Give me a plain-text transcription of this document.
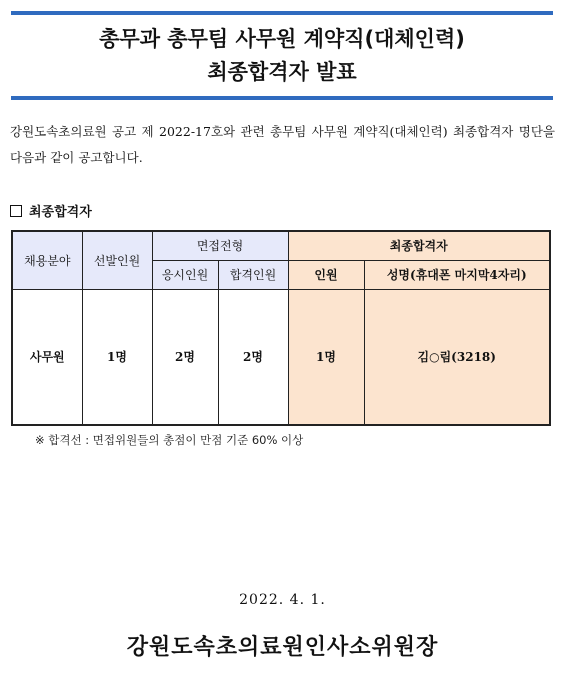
총무과 총무팀 사무원 계약직(대체인력)
최종합격자 발표
강원도속초의료원 공고 제 2022-17호와 관련 총무팀 사무원 계약직(대체인력) 최종합격자 명단을 다음과 같이 공고합니다.
최종합격자
채용분야	선발인원	면접전형		최종합격자	
		응시인원	합격인원	인원	성명(휴대폰 마지막4자리)
사무원	1명	2명	2명	1명	김○림(3218)
※ 합격선 : 면접위원들의 총점이 만점 기준 60% 이상
2022. 4. 1.
강원도속초의료원인사소위원장
